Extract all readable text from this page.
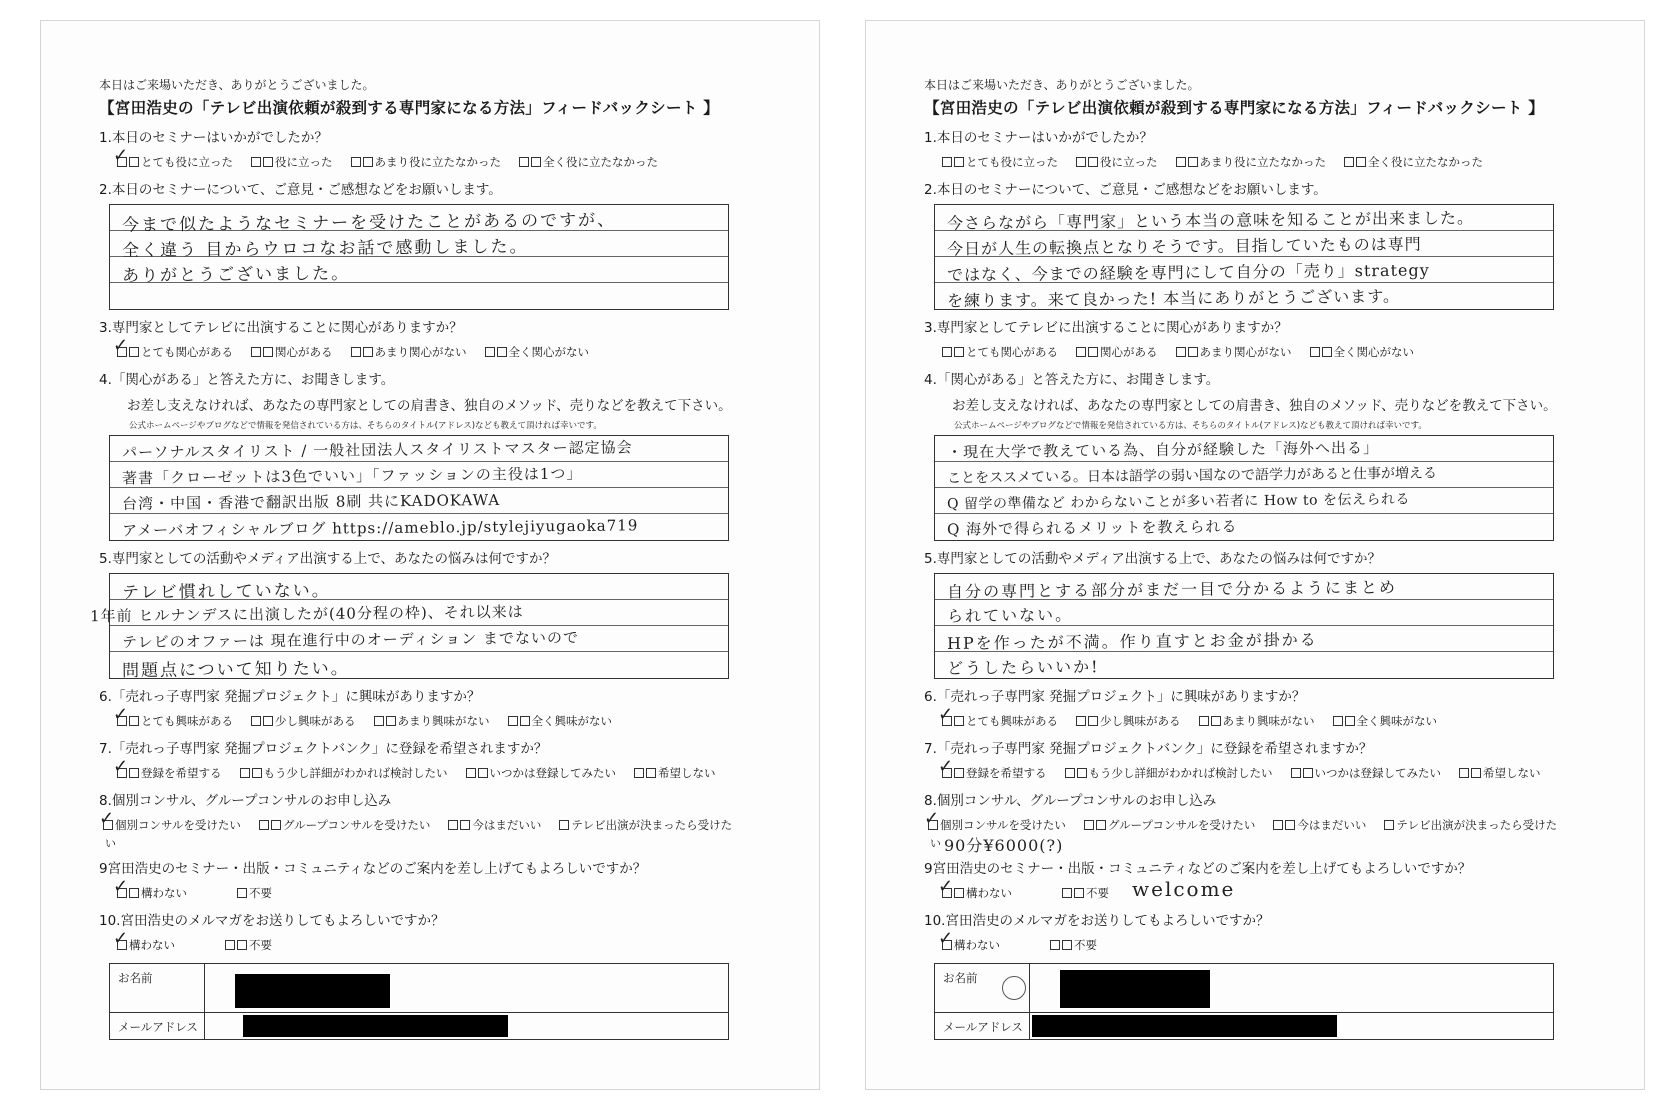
本日はご来場いただき、ありがとうございました。
【宮田浩史の「テレビ出演依頼が殺到する専門家になる方法」フィードバックシート 】
1.本日のセミナーはいかがでしたか？
✓ とても役に立った	役に立った	あまり役に立たなかった	全く役に立たなかった
2.本日のセミナーについて、ご意見・ご感想などをお願いします。
今まで似たようなセミナーを受けたことがあるのですが、
全く違う 目からウロコなお話で感動しました。
ありがとうございました。
3.専門家としてテレビに出演することに関心がありますか？
✓ とても関心がある	関心がある	あまり関心がない	全く関心がない
4.「関心がある」と答えた方に、お聞きします。
お差し支えなければ、あなたの専門家としての肩書き、独自のメソッド、売りなどを教えて下さい。
公式ホームページやブログなどで情報を発信されている方は、そちらのタイトル(アドレス)なども教えて頂ければ幸いです。
パーソナルスタイリスト / 一般社団法人スタイリストマスター認定協会
著書「クローゼットは3色でいい」「ファッションの主役は1つ」
台湾・中国・香港で翻訳出版 8刷 共にKADOKAWA
アメーバオフィシャルブログ https://ameblo.jp/stylejiyugaoka719
5.専門家としての活動やメディア出演する上で、あなたの悩みは何ですか？
テレビ慣れしていない。
1年前 ヒルナンデスに出演したが(40分程の枠)、それ以来は
テレビのオファーは 現在進行中のオーディション までないので
問題点について知りたい。
6.「売れっ子専門家 発掘プロジェクト」に興味がありますか？
✓ とても興味がある	少し興味がある	あまり興味がない	全く興味がない
7.「売れっ子専門家 発掘プロジェクトバンク」に登録を希望されますか？
✓ 登録を希望する	もう少し詳細がわかれば検討したい	いつかは登録してみたい	希望しない
8.個別コンサル、グループコンサルのお申し込み
✓ 個別コンサルを受けたい	グループコンサルを受けたい	今はまだいい	テレビ出演が決まったら受けた
い
9宮田浩史のセミナー・出版・コミュニティなどのご案内を差し上げてもよろしいですか？
✓ 構わない	不要
10.宮田浩史のメルマガをお送りしてもよろしいですか？
✓ 構わない	不要
お名前
メールアドレス
本日はご来場いただき、ありがとうございました。
【宮田浩史の「テレビ出演依頼が殺到する専門家になる方法」フィードバックシート 】
1.本日のセミナーはいかがでしたか？
とても役に立った	役に立った	あまり役に立たなかった	全く役に立たなかった
2.本日のセミナーについて、ご意見・ご感想などをお願いします。
今さらながら「専門家」という本当の意味を知ることが出来ました。
今日が人生の転換点となりそうです。目指していたものは専門
ではなく、今までの経験を専門にして自分の「売り」strategy
を練ります。来て良かった! 本当にありがとうございます。
3.専門家としてテレビに出演することに関心がありますか？
とても関心がある	関心がある	あまり関心がない	全く関心がない
4.「関心がある」と答えた方に、お聞きします。
お差し支えなければ、あなたの専門家としての肩書き、独自のメソッド、売りなどを教えて下さい。
公式ホームページやブログなどで情報を発信されている方は、そちらのタイトル(アドレス)なども教えて頂ければ幸いです。
・現在大学で教えている為、自分が経験した「海外へ出る」
ことをススメている。日本は語学の弱い国なので語学力があると仕事が増える
Q 留学の準備など わからないことが多い若者に How to を伝えられる
Q 海外で得られるメリットを教えられる
5.専門家としての活動やメディア出演する上で、あなたの悩みは何ですか？
自分の専門とする部分がまだ一目で分かるようにまとめ
られていない。
HPを作ったが不満。作り直すとお金が掛かる
どうしたらいいか!
6.「売れっ子専門家 発掘プロジェクト」に興味がありますか？
✓ とても興味がある	少し興味がある	あまり興味がない	全く興味がない
7.「売れっ子専門家 発掘プロジェクトバンク」に登録を希望されますか？
✓ 登録を希望する	もう少し詳細がわかれば検討したい	いつかは登録してみたい	希望しない
8.個別コンサル、グループコンサルのお申し込み
✓ 個別コンサルを受けたい	グループコンサルを受けたい	今はまだいい	テレビ出演が決まったら受けた
い 90分¥6000(?)
9宮田浩史のセミナー・出版・コミュニティなどのご案内を差し上げてもよろしいですか？
✓ 構わない	不要 welcome
10.宮田浩史のメルマガをお送りしてもよろしいですか？
✓ 構わない	不要
お名前
メールアドレス
